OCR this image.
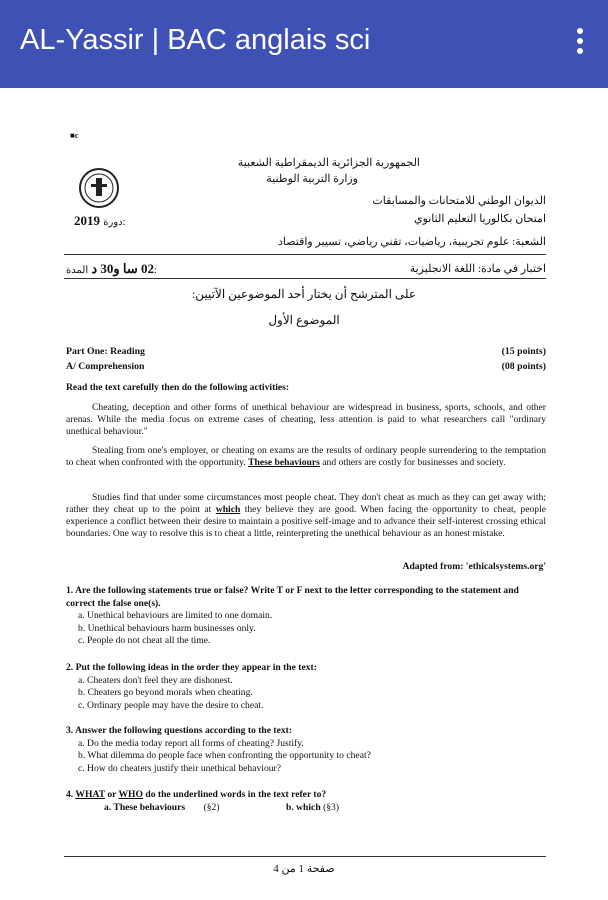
AL-Yassir | BAC anglais sci
■c
الجمهورية الجزائرية الديمقراطية الشعبية
وزارة التربية الوطنية
الديوان الوطني للامتحانات والمسابقات
امتحان بكالوريا التعليم الثانوي
2019 دورة:
الشعبة: علوم تجريبية، رياضيات، تقني رياضي، تسيير واقتصاد
اختبار في مادة: اللغة الانجليزية
02 سا و30 د المدة:
على المترشح أن يختار أحد الموضوعين الآتيين:
الموضوع الأول
Part One: Reading	(15 points)
A/ Comprehension	(08 points)
Read the text carefully then do the following activities:
Cheating, deception and other forms of unethical behaviour are widespread in business, sports, schools, and other arenas. While the media focus on extreme cases of cheating, less attention is paid to what researchers call "ordinary unethical behaviour."
Stealing from one's employer, or cheating on exams are the results of ordinary people surrendering to the temptation to cheat when confronted with the opportunity. These behaviours and others are costly for businesses and society.
Studies find that under some circumstances most people cheat. They don't cheat as much as they can get away with; rather they cheat up to the point at which they believe they are good. When facing the opportunity to cheat, people experience a conflict between their desire to maintain a positive self-image and to advance their self-interest crossing ethical boundaries. One way to resolve this is to cheat a little, reinterpreting the unethical behaviour as an honest mistake.
Adapted from: 'ethicalsystems.org'
1. Are the following statements true or false? Write T or F next to the letter corresponding to the statement and correct the false one(s).
a. Unethical behaviours are limited to one domain.
b. Unethical behaviours harm businesses only.
c. People do not cheat all the time.
2. Put the following ideas in the order they appear in the text:
a. Cheaters don't feel they are dishonest.
b. Cheaters go beyond morals when cheating.
c. Ordinary people may have the desire to cheat.
3. Answer the following questions according to the text:
a. Do the media today report all forms of cheating? Justify.
b. What dilemma do people face when confronting the opportunity to cheat?
c. How do cheaters justify their unethical behaviour?
4. WHAT or WHO do the underlined words in the text refer to?
a. These behaviours (§2)	b. which (§3)
صفحة 1 من 4
